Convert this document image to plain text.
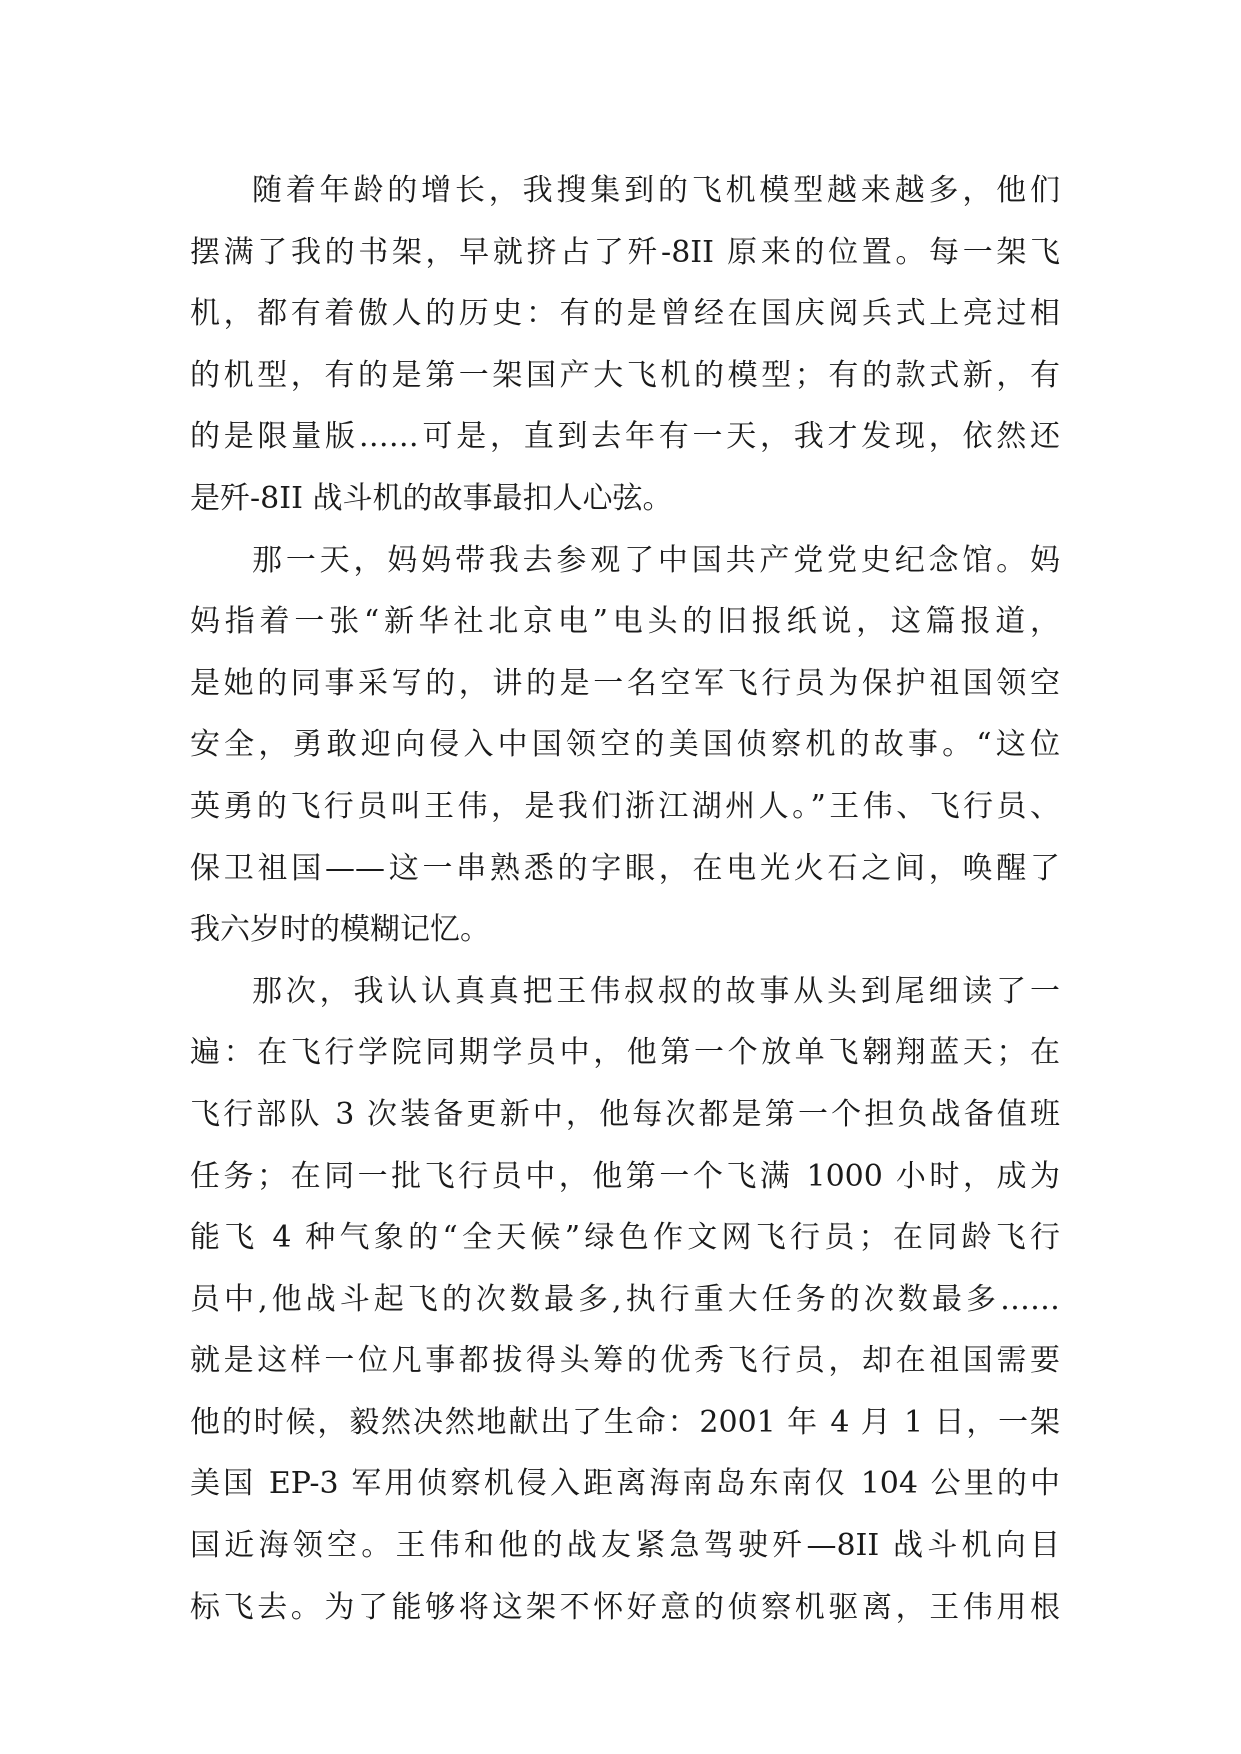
随着年龄的增长，我搜集到的飞机模型越来越多，他们
摆满了我的书架，早就挤占了歼-8II 原来的位置。每一架飞
机，都有着傲人的历史：有的是曾经在国庆阅兵式上亮过相
的机型，有的是第一架国产大飞机的模型；有的款式新，有
的是限量版……可是，直到去年有一天，我才发现，依然还
是歼-8II 战斗机的故事最扣人心弦。
那一天，妈妈带我去参观了中国共产党党史纪念馆。妈
妈指着一张“新华社北京电”电头的旧报纸说，这篇报道，
是她的同事采写的，讲的是一名空军飞行员为保护祖国领空
安全，勇敢迎向侵入中国领空的美国侦察机的故事。“这位
英勇的飞行员叫王伟，是我们浙江湖州人。”王伟、飞行员、
保卫祖国——这一串熟悉的字眼，在电光火石之间，唤醒了
我六岁时的模糊记忆。
那次，我认认真真把王伟叔叔的故事从头到尾细读了一
遍：在飞行学院同期学员中，他第一个放单飞翱翔蓝天；在
飞行部队 3 次装备更新中，他每次都是第一个担负战备值班
任务；在同一批飞行员中，他第一个飞满 1000 小时，成为
能飞 4 种气象的“全天候”绿色作文网飞行员；在同龄飞行
员中,他战斗起飞的次数最多,执行重大任务的次数最多……
就是这样一位凡事都拔得头筹的优秀飞行员，却在祖国需要
他的时候，毅然决然地献出了生命：2001 年 4 月 1 日，一架
美国 EP-3 军用侦察机侵入距离海南岛东南仅 104 公里的中
国近海领空。王伟和他的战友紧急驾驶歼—8II 战斗机向目
标飞去。为了能够将这架不怀好意的侦察机驱离，王伟用根
